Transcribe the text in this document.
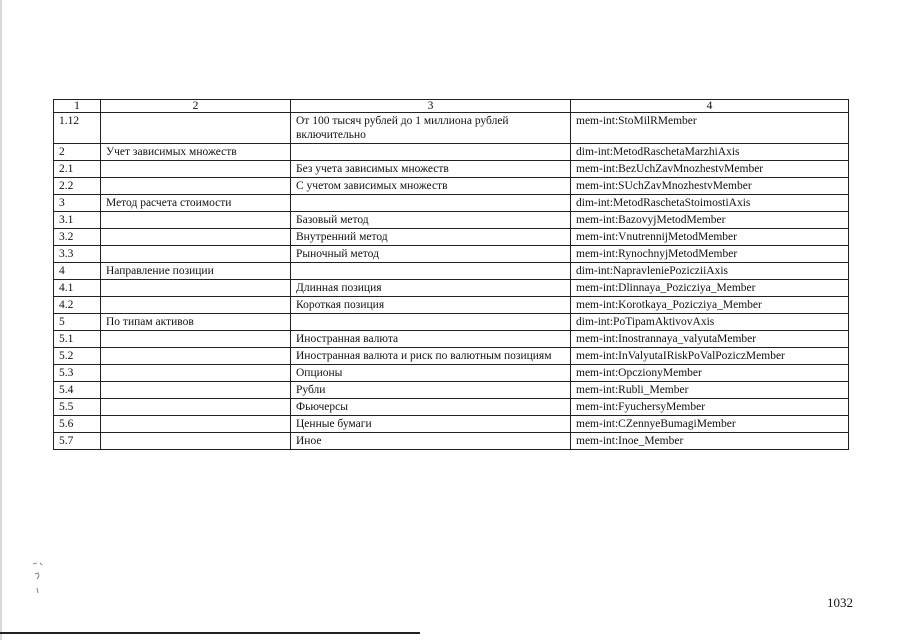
1	2	3	4
1.12		От 100 тысяч рублей до 1 миллиона рублей включительно	mem-int:StoMilRMember
2	Учет зависимых множеств		dim-int:MetodRaschetaMarzhiAxis
2.1		Без учета зависимых множеств	mem-int:BezUchZavMnozhestvMember
2.2		С учетом зависимых множеств	mem-int:SUchZavMnozhestvMember
3	Метод расчета стоимости		dim-int:MetodRaschetaStoimostiAxis
3.1		Базовый метод	mem-int:BazovyjMetodMember
3.2		Внутренний метод	mem-int:VnutrennijMetodMember
3.3		Рыночный метод	mem-int:RynochnyjMetodMember
4	Направление позиции		dim-int:NapravleniePozicziiAxis
4.1		Длинная позиция	mem-int:Dlinnaya_Pozicziya_Member
4.2		Короткая позиция	mem-int:Korotkaya_Pozicziya_Member
5	По типам активов		dim-int:PoTipamAktivovAxis
5.1		Иностранная валюта	mem-int:Inostrannaya_valyutaMember
5.2		Иностранная валюта и риск по валютным позициям	mem-int:InValyutaIRiskPoValPoziczMember
5.3		Опционы	mem-int:OpczionyMember
5.4		Рубли	mem-int:Rubli_Member
5.5		Фьючерсы	mem-int:FyuchersyMember
5.6		Ценные бумаги	mem-int:CZennyeBumagiMember
5.7		Иное	mem-int:Inoe_Member
1032
